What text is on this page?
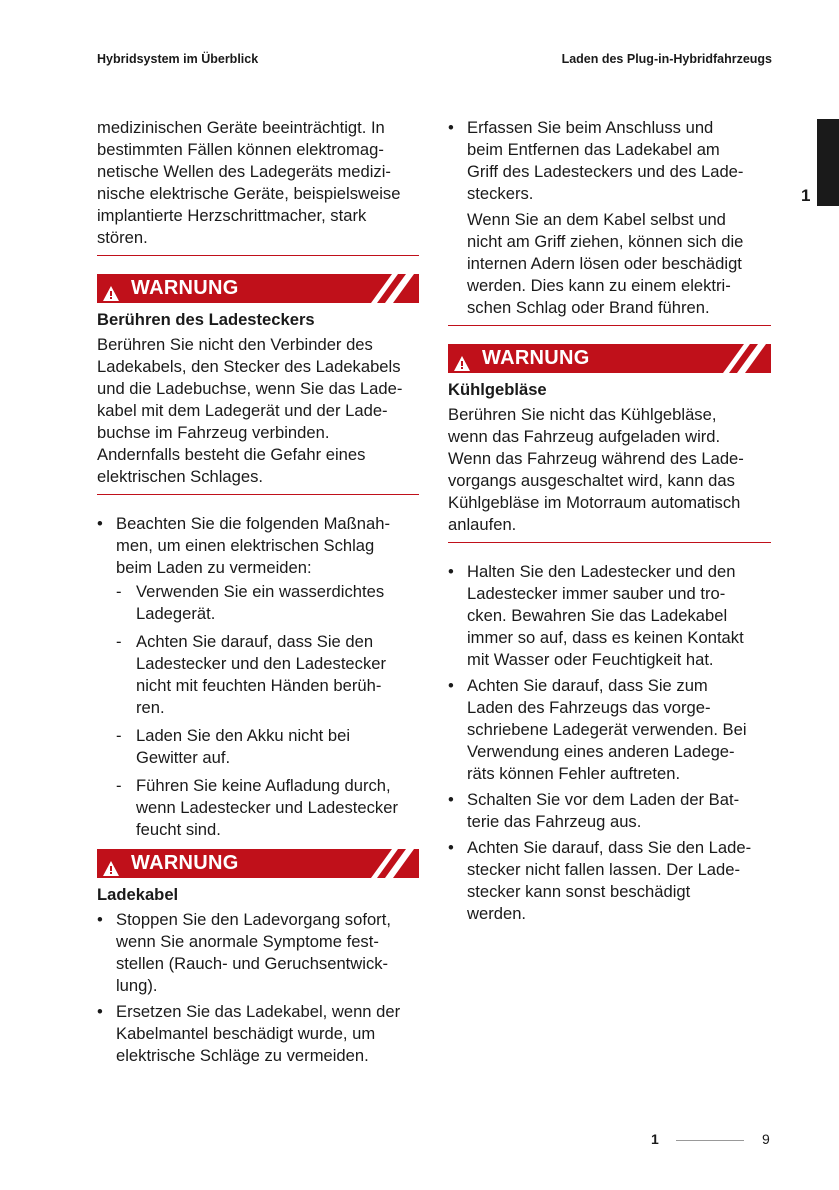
Hybridsystem im Überblick	Laden des Plug-in-Hybridfahrzeugs
1
medizinischen Geräte beeinträchtigt. In
bestimmten Fällen können elektromag-
netische Wellen des Ladegeräts medizi-
nische elektrische Geräte, beispielsweise
implantierte Herzschrittmacher, stark
stören.
WARNUNG
Berühren des Ladesteckers
Berühren Sie nicht den Verbinder des
Ladekabels, den Stecker des Ladekabels
und die Ladebuchse, wenn Sie das Lade-
kabel mit dem Ladegerät und der Lade-
buchse im Fahrzeug verbinden.
Andernfalls besteht die Gefahr eines
elektrischen Schlages.
• Beachten Sie die folgenden Maßnah-
men, um einen elektrischen Schlag
beim Laden zu vermeiden:
- Verwenden Sie ein wasserdichtes
Ladegerät.
- Achten Sie darauf, dass Sie den
Ladestecker und den Ladestecker
nicht mit feuchten Händen berüh-
ren.
- Laden Sie den Akku nicht bei
Gewitter auf.
- Führen Sie keine Aufladung durch,
wenn Ladestecker und Ladestecker
feucht sind.
WARNUNG
Ladekabel
• Stoppen Sie den Ladevorgang sofort,
wenn Sie anormale Symptome fest-
stellen (Rauch- und Geruchsentwick-
lung).
• Ersetzen Sie das Ladekabel, wenn der
Kabelmantel beschädigt wurde, um
elektrische Schläge zu vermeiden.
• Erfassen Sie beim Anschluss und
beim Entfernen das Ladekabel am
Griff des Ladesteckers und des Lade-
steckers.
Wenn Sie an dem Kabel selbst und
nicht am Griff ziehen, können sich die
internen Adern lösen oder beschädigt
werden. Dies kann zu einem elektri-
schen Schlag oder Brand führen.
WARNUNG
Kühlgebläse
Berühren Sie nicht das Kühlgebläse,
wenn das Fahrzeug aufgeladen wird.
Wenn das Fahrzeug während des Lade-
vorgangs ausgeschaltet wird, kann das
Kühlgebläse im Motorraum automatisch
anlaufen.
• Halten Sie den Ladestecker und den
Ladestecker immer sauber und tro-
cken. Bewahren Sie das Ladekabel
immer so auf, dass es keinen Kontakt
mit Wasser oder Feuchtigkeit hat.
• Achten Sie darauf, dass Sie zum
Laden des Fahrzeugs das vorge-
schriebene Ladegerät verwenden. Bei
Verwendung eines anderen Ladege-
räts können Fehler auftreten.
• Schalten Sie vor dem Laden der Bat-
terie das Fahrzeug aus.
• Achten Sie darauf, dass Sie den Lade-
stecker nicht fallen lassen. Der Lade-
stecker kann sonst beschädigt
werden.
1	9
